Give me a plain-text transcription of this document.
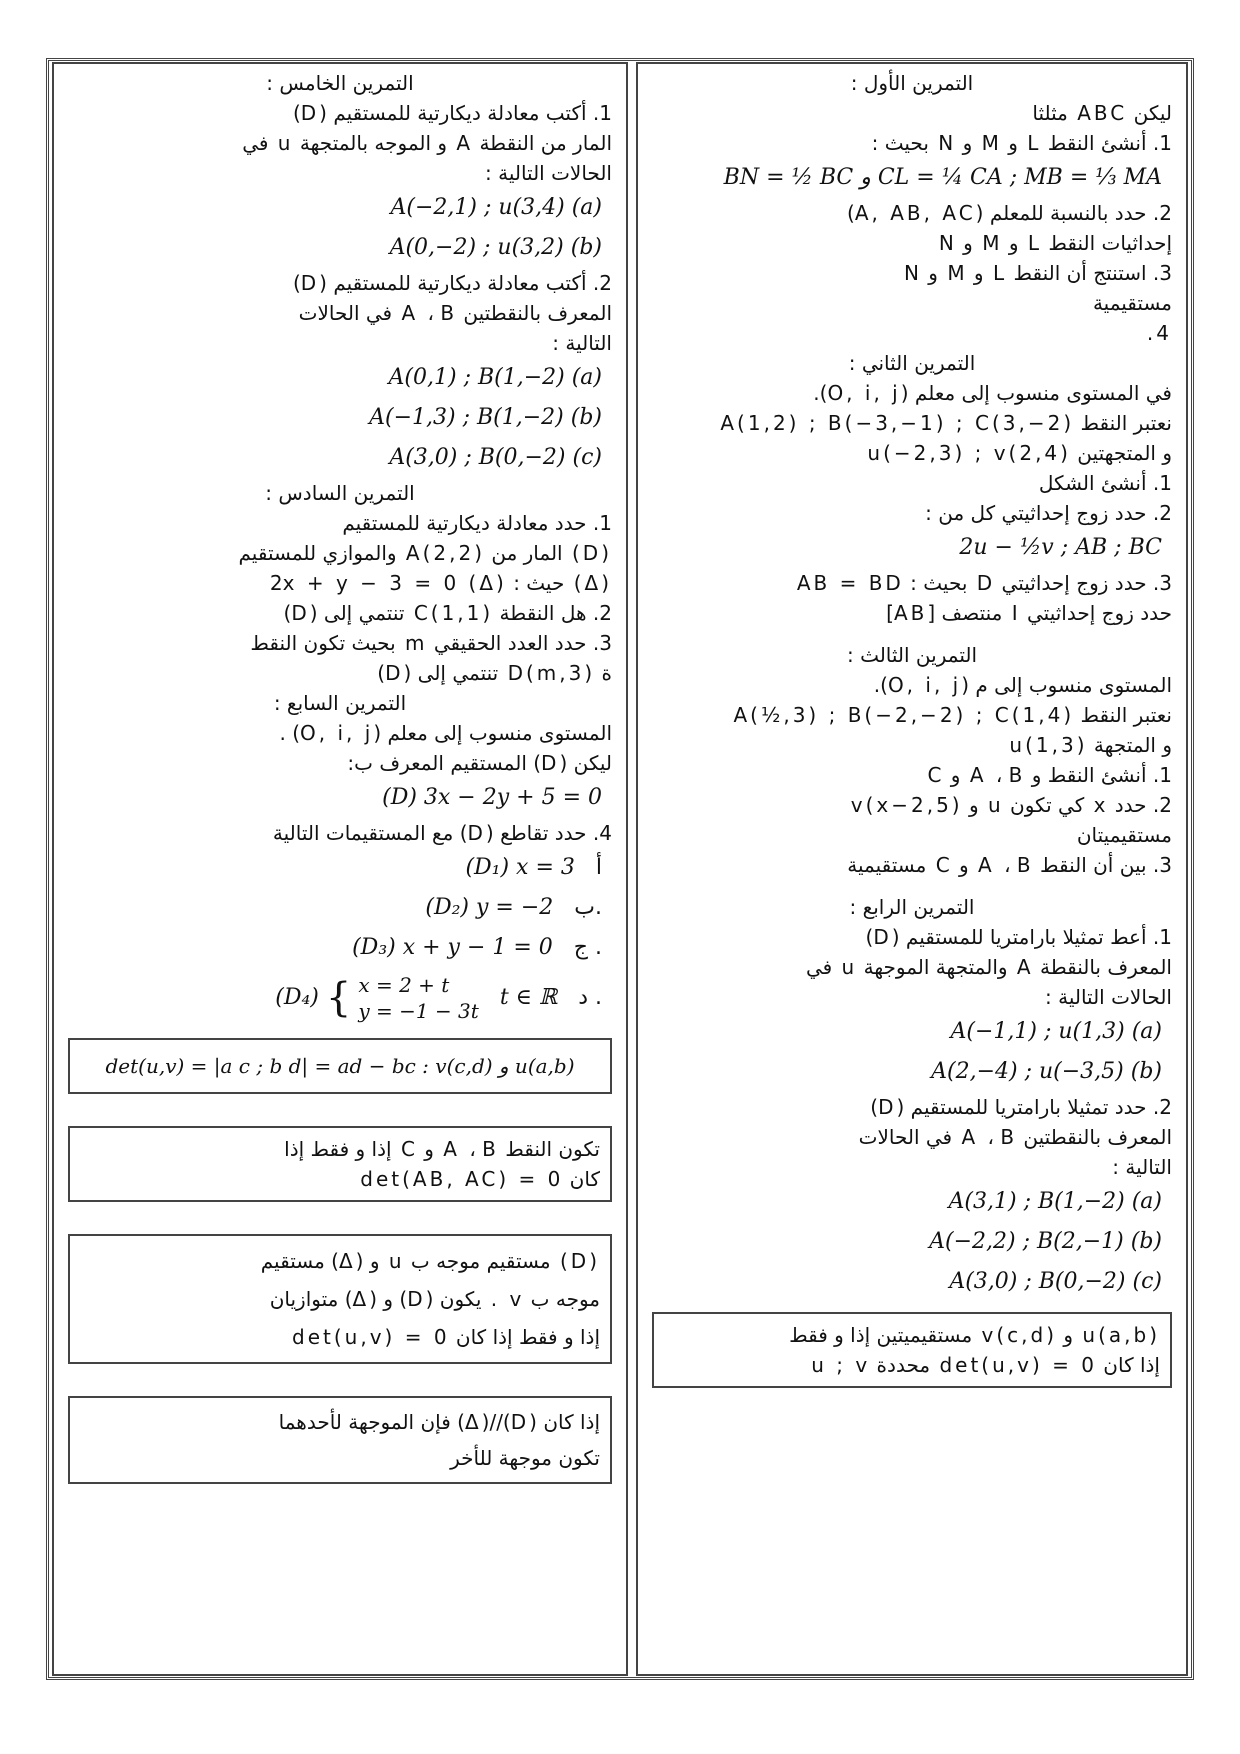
التمرين الأول :

ليكن ABC مثلثا

1. أنشئ النقط L و M و N بحيث :

BN = ½ BC و CL = ¼ CA ; MB = ⅓ MA

2. حدد بالنسبة للمعلم (A, AB, AC)

إحداثيات النقط L و M و N

3. استنتج أن النقط L و M و N

مستقيمية

4.

التمرين الثاني :

في المستوى منسوب إلى معلم (O, i, j).

نعتبر النقط A(1,2) ; B(−3,−1) ; C(3,−2)

و المتجهتين u(−2,3) ; v(2,4)

1. أنشئ الشكل

2. حدد زوج إحداثيتي كل من :

2u − ½v ; AB ; BC

3. حدد زوج إحداثيتي D بحيث : AB = BD

حدد زوج إحداثيتي I منتصف [AB]

التمرين الثالث :

المستوى منسوب إلى م (O, i, j).

نعتبر النقط A(½,3) ; B(−2,−2) ; C(1,4)

و المتجهة u(1,3)

1. أنشئ النقط و A ، B و C

2. حدد x كي تكون u و v(x−2,5)

مستقيميتان

3. بين أن النقط A ، B و C مستقيمية

التمرين الرابع :

1. أعط تمثيلا بارامتريا للمستقيم (D)

المعرف بالنقطة A والمتجهة الموجهة u في

الحالات التالية :

A(−1,1) ; u(1,3) (a)

A(2,−4) ; u(−3,5) (b)

2. حدد تمثيلا بارامتريا للمستقيم (D)

المعرف بالنقطتين A ، B في الحالات

التالية :

A(3,1) ; B(1,−2) (a)

A(−2,2) ; B(2,−1) (b)

A(3,0) ; B(0,−2) (c)

u(a,b) و v(c,d) مستقيميتين إذا و فقط

إذا كان det(u,v) = 0 محددة u ; v

التمرين الخامس :

1. أكتب معادلة ديكارتية للمستقيم (D)

المار من النقطة A و الموجه بالمتجهة u في

الحالات التالية :

A(−2,1) ; u(3,4) (a)

A(0,−2) ; u(3,2) (b)

2. أكتب معادلة ديكارتية للمستقيم (D)

المعرف بالنقطتين A ، B في الحالات

التالية :

A(0,1) ; B(1,−2) (a)

A(−1,3) ; B(1,−2) (b)

A(3,0) ; B(0,−2) (c)

التمرين السادس :

1. حدد معادلة ديكارتية للمستقيم

(D) المار من A(2,2) والموازي للمستقيم

(Δ) حيث : 2x + y − 3 = 0 (Δ)

2. هل النقطة C(1,1) تنتمي إلى (D)

3. حدد العدد الحقيقي m بحيث تكون النقط

ة D(m,3) تنتمي إلى (D)

التمرين السابع :

المستوى منسوب إلى معلم (O, i, j) .

ليكن (D) المستقيم المعرف ب:

(D) 3x − 2y + 5 = 0

4. حدد تقاطع (D) مع المستقيمات التالية

(D₁) x = 3 أ

(D₂) y = −2 ب.

(D₃) x + y − 1 = 0 ج .

(D₄) { x = 2 + t
y = −1 − 3t
t ∈ ℝ د .

det(u,v) = |a c ; b d| = ad − bc : v(c,d) و u(a,b)

تكون النقط A ، B و C إذا و فقط إذا

كان det(AB, AC) = 0

(D) مستقيم موجه ب u و (Δ) مستقيم

موجه ب v . يكون (D) و (Δ) متوازيان

إذا و فقط إذا كان det(u,v) = 0

إذا كان (D)//(Δ) فإن الموجهة لأحدهما

تكون موجهة للأخر
